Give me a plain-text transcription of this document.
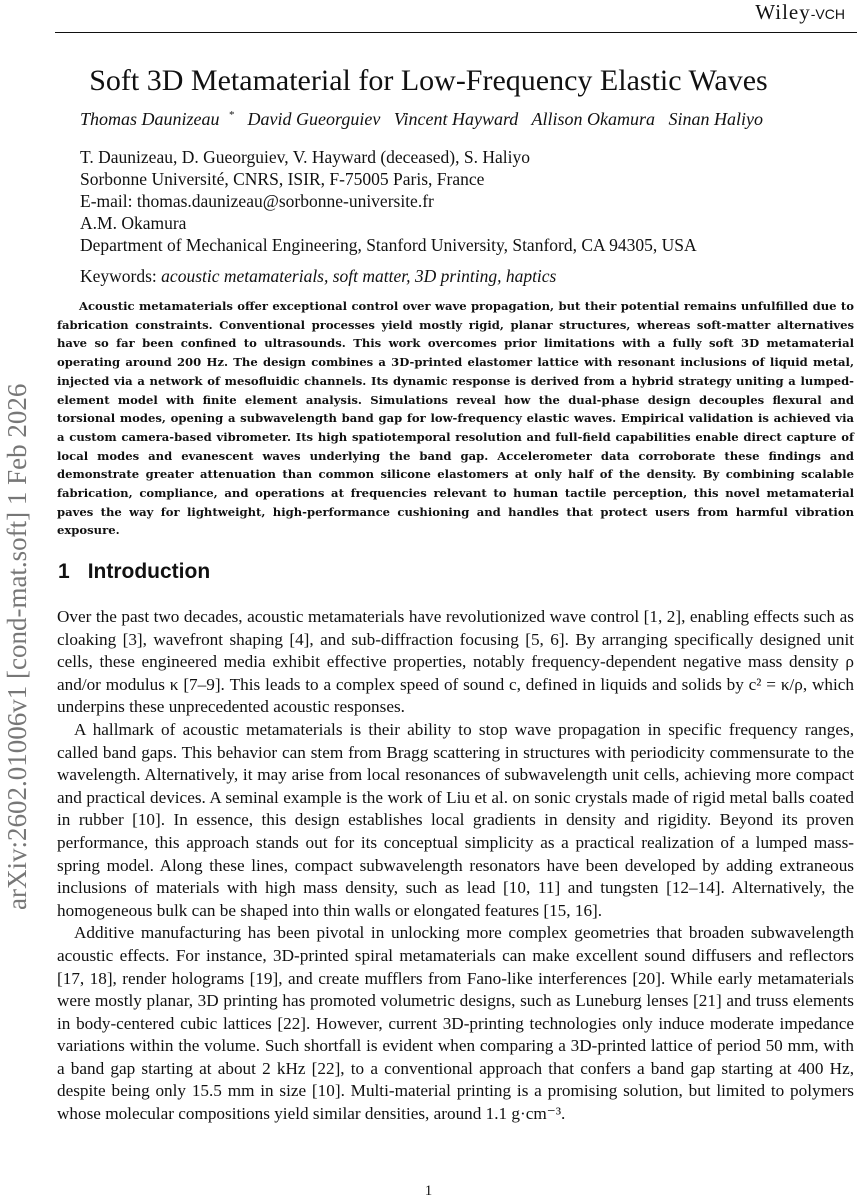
Wiley-VCH
arXiv:2602.01006v1 [cond-mat.soft] 1 Feb 2026
Soft 3D Metamaterial for Low-Frequency Elastic Waves

Thomas Daunizeau * David Gueorguiev Vincent Hayward Allison Okamura Sinan Haliyo

T. Daunizeau, D. Gueorguiev, V. Hayward (deceased), S. Haliyo
Sorbonne Université, CNRS, ISIR, F-75005 Paris, France
E-mail: thomas.daunizeau@sorbonne-universite.fr
A.M. Okamura
Department of Mechanical Engineering, Stanford University, Stanford, CA 94305, USA

Keywords: acoustic metamaterials, soft matter, 3D printing, haptics

Acoustic metamaterials offer exceptional control over wave propagation, but their potential remains unfulfilled due to fabrication constraints. Conventional processes yield mostly rigid, planar structures, whereas soft-matter alternatives have so far been confined to ultrasounds. This work overcomes prior limitations with a fully soft 3D metamaterial operating around 200 Hz. The design combines a 3D-printed elastomer lattice with resonant inclusions of liquid metal, injected via a network of mesofluidic channels. Its dynamic response is derived from a hybrid strategy uniting a lumped-element model with finite element analysis. Simulations reveal how the dual-phase design decouples flexural and torsional modes, opening a subwavelength band gap for low-frequency elastic waves. Empirical validation is achieved via a custom camera-based vibrometer. Its high spatiotemporal resolution and full-field capabilities enable direct capture of local modes and evanescent waves underlying the band gap. Accelerometer data corroborate these findings and demonstrate greater attenuation than common silicone elastomers at only half of the density. By combining scalable fabrication, compliance, and operations at frequencies relevant to human tactile perception, this novel metamaterial paves the way for lightweight, high-performance cushioning and handles that protect users from harmful vibration exposure.

1 Introduction

Over the past two decades, acoustic metamaterials have revolutionized wave control [1, 2], enabling effects such as cloaking [3], wavefront shaping [4], and sub-diffraction focusing [5, 6]. By arranging specifically designed unit cells, these engineered media exhibit effective properties, notably frequency-dependent negative mass density ρ and/or modulus κ [7–9]. This leads to a complex speed of sound c, defined in liquids and solids by c² = κ/ρ, which underpins these unprecedented acoustic responses.

A hallmark of acoustic metamaterials is their ability to stop wave propagation in specific frequency ranges, called band gaps. This behavior can stem from Bragg scattering in structures with periodicity commensurate to the wavelength. Alternatively, it may arise from local resonances of subwavelength unit cells, achieving more compact and practical devices. A seminal example is the work of Liu et al. on sonic crystals made of rigid metal balls coated in rubber [10]. In essence, this design establishes local gradients in density and rigidity. Beyond its proven performance, this approach stands out for its conceptual simplicity as a practical realization of a lumped mass-spring model. Along these lines, compact subwavelength resonators have been developed by adding extraneous inclusions of materials with high mass density, such as lead [10, 11] and tungsten [12–14]. Alternatively, the homogeneous bulk can be shaped into thin walls or elongated features [15, 16].

Additive manufacturing has been pivotal in unlocking more complex geometries that broaden subwavelength acoustic effects. For instance, 3D-printed spiral metamaterials can make excellent sound diffusers and reflectors [17, 18], render holograms [19], and create mufflers from Fano-like interferences [20]. While early metamaterials were mostly planar, 3D printing has promoted volumetric designs, such as Luneburg lenses [21] and truss elements in body-centered cubic lattices [22]. However, current 3D-printing technologies only induce moderate impedance variations within the volume. Such shortfall is evident when comparing a 3D-printed lattice of period 50 mm, with a band gap starting at about 2 kHz [22], to a conventional approach that confers a band gap starting at 400 Hz, despite being only 15.5 mm in size [10]. Multi-material printing is a promising solution, but limited to polymers whose molecular compositions yield similar densities, around 1.1 g·cm⁻³.

1
